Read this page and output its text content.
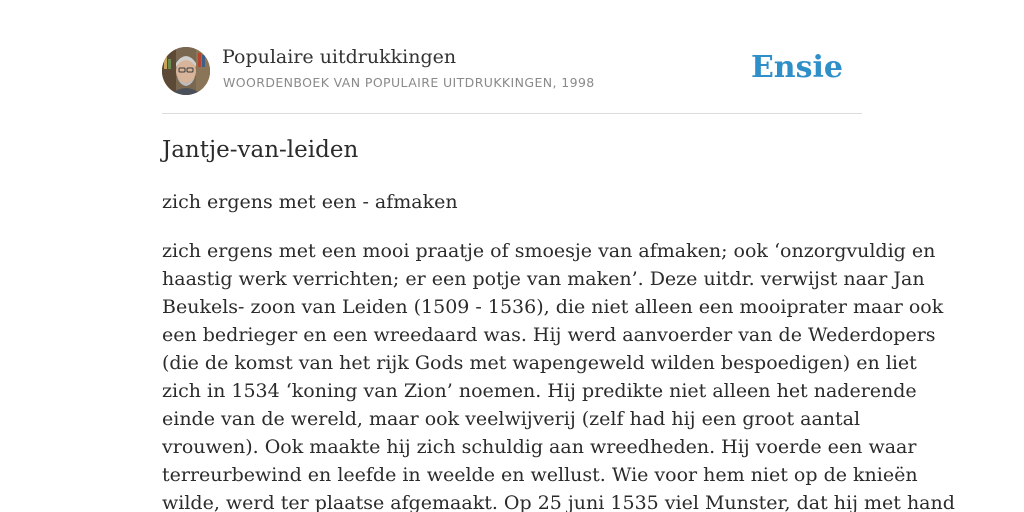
Populaire uitdrukkingen
WOORDENBOEK VAN POPULAIRE UITDRUKKINGEN, 1998	Ensie
Jantje-van-leiden
zich ergens met een - afmaken
zich ergens met een mooi praatje of smoesje van afmaken; ook ‘onzorgvuldig en
haastig werk verrichten; er een potje van maken’. Deze uitdr. verwijst naar Jan
Beukels- zoon van Leiden (1509 - 1536), die niet alleen een mooiprater maar ook
een bedrieger en een wreedaard was. Hij werd aanvoerder van de Wederdopers
(die de komst van het rijk Gods met wapengeweld wilden bespoedigen) en liet
zich in 1534 ‘koning van Zion’ noemen. Hij predikte niet alleen het naderende
einde van de wereld, maar ook veelwijverij (zelf had hij een groot aantal
vrouwen). Ook maakte hij zich schuldig aan wreedheden. Hij voerde een waar
terreurbewind en leefde in weelde en wellust. Wie voor hem niet op de knieën
wilde, werd ter plaatse afgemaakt. Op 25 juni 1535 viel Munster, dat hij met hand
